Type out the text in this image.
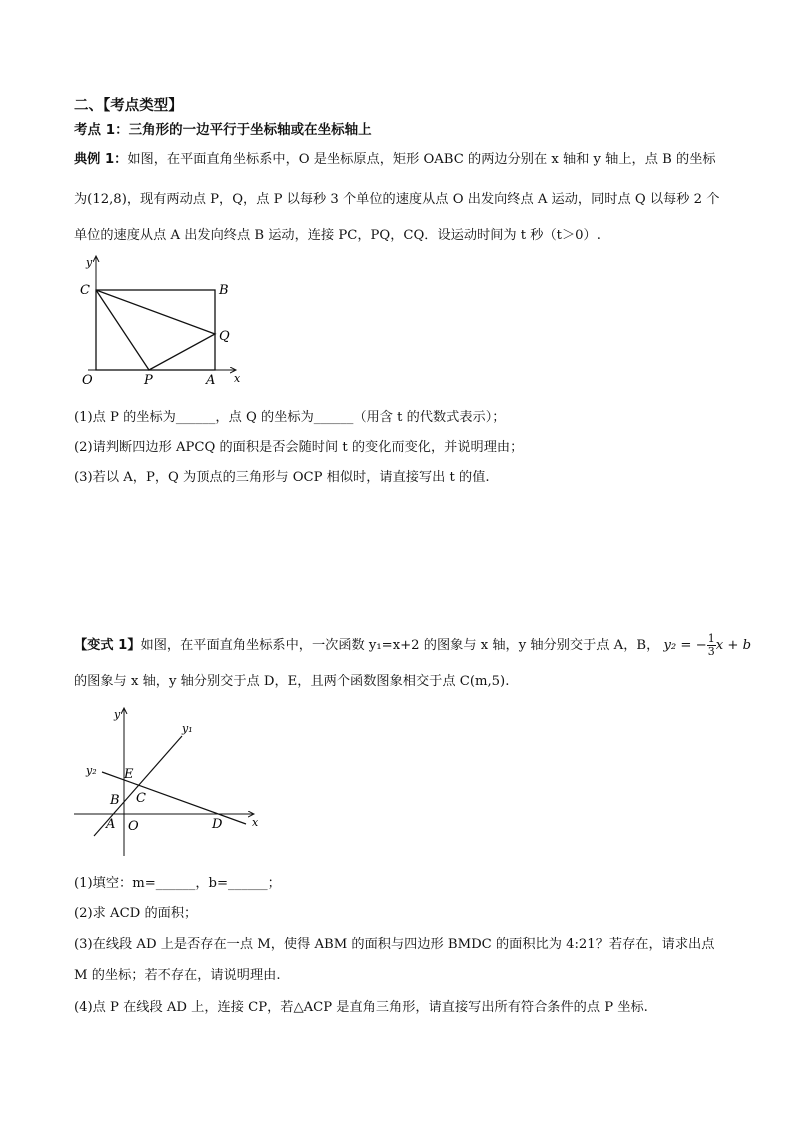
二、【考点类型】
考点 1：三角形的一边平行于坐标轴或在坐标轴上
典例 1：如图，在平面直角坐标系中，O 是坐标原点，矩形 OABC 的两边分别在 x 轴和 y 轴上，点 B 的坐标
为(12,8)，现有两动点 P，Q，点 P 以每秒 3 个单位的速度从点 O 出发向终点 A 运动，同时点 Q 以每秒 2 个
单位的速度从点 A 出发向终点 B 运动，连接 PC，PQ，CQ．设运动时间为 t 秒（t＞0）.
y
C	B
Q
O	P	A x
(1)点 P 的坐标为______，点 Q 的坐标为______（用含 t 的代数式表示）；
(2)请判断四边形 APCQ 的面积是否会随时间 t 的变化而变化，并说明理由；
(3)若以 A，P，Q 为顶点的三角形与 OCP 相似时，请直接写出 t 的值.
【变式 1】如图，在平面直角坐标系中，一次函数 y₁=x+2 的图象与 x 轴，y 轴分别交于点 A，B， y₂ = − $\frac{1}{3}$ x + b
的图象与 x 轴，y 轴分别交于点 D，E，且两个函数图象相交于点 C(m,5).
y
y₁
y₂ E
B C
A O	D	x
(1)填空：m=______，b=______；
(2)求 ACD 的面积；
(3)在线段 AD 上是否存在一点 M，使得 ABM 的面积与四边形 BMDC 的面积比为 4:21？若存在，请求出点
M 的坐标；若不存在，请说明理由.
(4)点 P 在线段 AD 上，连接 CP，若△ACP 是直角三角形，请直接写出所有符合条件的点 P 坐标.
